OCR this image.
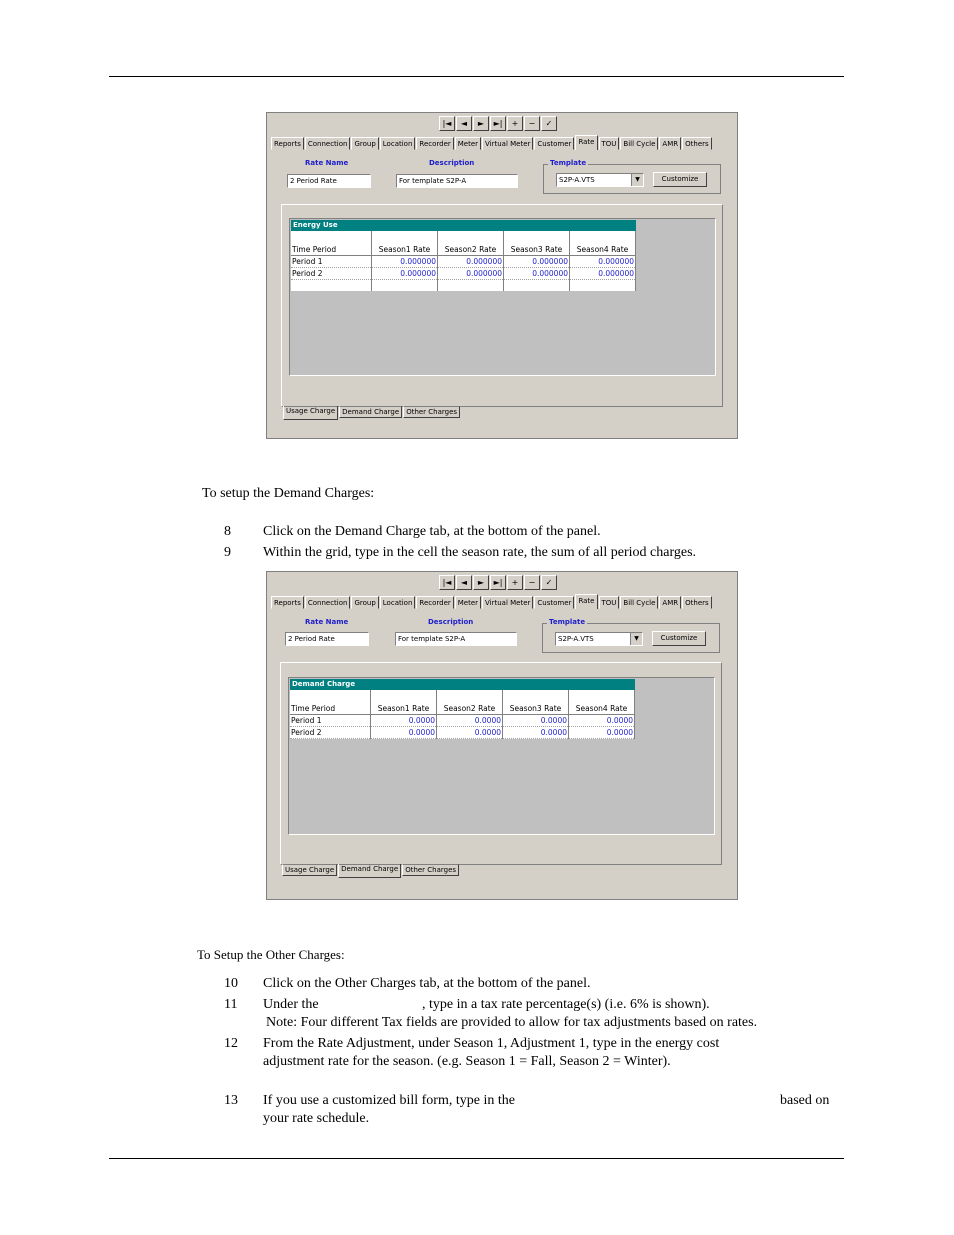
|◄	◄	►	►|	+	−	✓
Reports	Connection	Group	Location	Recorder	Meter	Virtual Meter	Customer	Rate	TOU	Bill Cycle	AMR	Others
Rate Name
2 Period Rate
Description
For template S2P-A
Template
S2P-A.VTS	▼	Customize
Energy Use

Time Period	Season1 Rate	Season2 Rate	Season3 Rate	Season4 Rate
Period 1	0.000000	0.000000	0.000000	0.000000
Period 2	0.000000	0.000000	0.000000	0.000000

Usage Charge	Demand Charge	Other Charges
To setup the Demand Charges:
8 Click on the Demand Charge tab, at the bottom of the panel.
9 Within the grid, type in the cell the season rate, the sum of all period charges.
|◄	◄	►	►|	+	−	✓
Reports	Connection	Group	Location	Recorder	Meter	Virtual Meter	Customer	Rate	TOU	Bill Cycle	AMR	Others
Rate Name
2 Period Rate
Description
For template S2P-A
Template
S2P-A.VTS	▼	Customize
Demand Charge

Time Period	Season1 Rate	Season2 Rate	Season3 Rate	Season4 Rate
Period 1	0.0000	0.0000	0.0000	0.0000
Period 2	0.0000	0.0000	0.0000	0.0000
Usage Charge	Demand Charge	Other Charges
To Setup the Other Charges:
10 Click on the Other Charges tab, at the bottom of the panel.
11 Under the	, type in a tax rate percentage(s) (i.e. 6% is shown).
Note: Four different Tax fields are provided to allow for tax adjustments based on rates.
12 From the Rate Adjustment, under Season 1, Adjustment 1, type in the energy cost
adjustment rate for the season. (e.g. Season 1 = Fall, Season 2 = Winter).
13 If you use a customized bill form, type in the	based on
your rate schedule.
